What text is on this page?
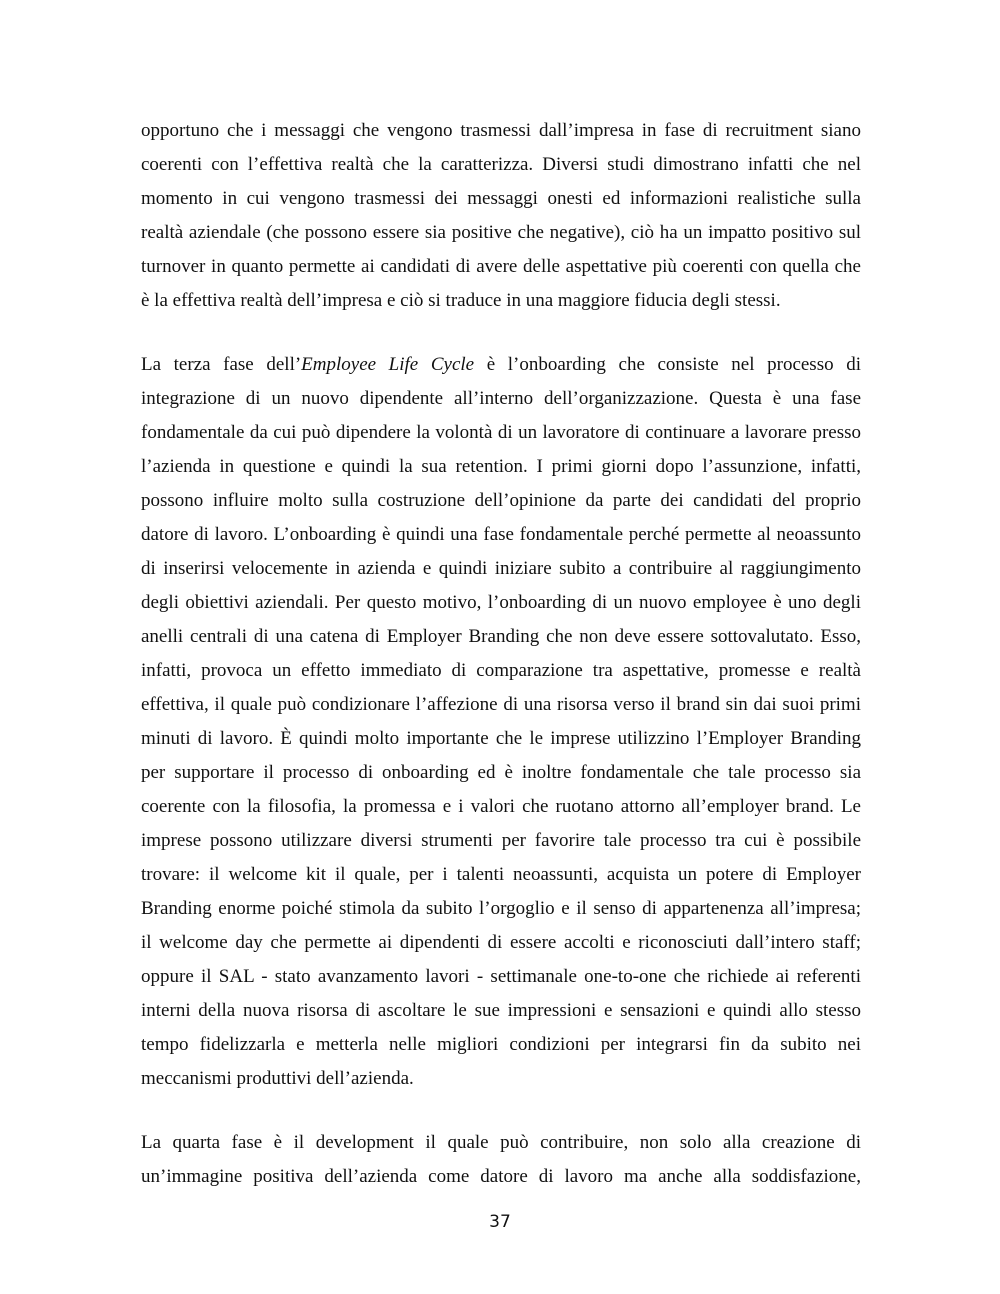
opportuno che i messaggi che vengono trasmessi dall’impresa in fase di recruitment siano
coerenti con l’effettiva realtà che la caratterizza. Diversi studi dimostrano infatti che nel
momento in cui vengono trasmessi dei messaggi onesti ed informazioni realistiche sulla
realtà aziendale (che possono essere sia positive che negative), ciò ha un impatto positivo sul
turnover in quanto permette ai candidati di avere delle aspettative più coerenti con quella che
è la effettiva realtà dell’impresa e ciò si traduce in una maggiore fiducia degli stessi.

La terza fase dell’Employee Life Cycle è l’onboarding che consiste nel processo di
integrazione di un nuovo dipendente all’interno dell’organizzazione. Questa è una fase
fondamentale da cui può dipendere la volontà di un lavoratore di continuare a lavorare presso
l’azienda in questione e quindi la sua retention. I primi giorni dopo l’assunzione, infatti,
possono influire molto sulla costruzione dell’opinione da parte dei candidati del proprio
datore di lavoro. L’onboarding è quindi una fase fondamentale perché permette al neoassunto
di inserirsi velocemente in azienda e quindi iniziare subito a contribuire al raggiungimento
degli obiettivi aziendali. Per questo motivo, l’onboarding di un nuovo employee è uno degli
anelli centrali di una catena di Employer Branding che non deve essere sottovalutato. Esso,
infatti, provoca un effetto immediato di comparazione tra aspettative, promesse e realtà
effettiva, il quale può condizionare l’affezione di una risorsa verso il brand sin dai suoi primi
minuti di lavoro. È quindi molto importante che le imprese utilizzino l’Employer Branding
per supportare il processo di onboarding ed è inoltre fondamentale che tale processo sia
coerente con la filosofia, la promessa e i valori che ruotano attorno all’employer brand. Le
imprese possono utilizzare diversi strumenti per favorire tale processo tra cui è possibile
trovare: il welcome kit il quale, per i talenti neoassunti, acquista un potere di Employer
Branding enorme poiché stimola da subito l’orgoglio e il senso di appartenenza all’impresa;
il welcome day che permette ai dipendenti di essere accolti e riconosciuti dall’intero staff;
oppure il SAL - stato avanzamento lavori - settimanale one-to-one che richiede ai referenti
interni della nuova risorsa di ascoltare le sue impressioni e sensazioni e quindi allo stesso
tempo fidelizzarla e metterla nelle migliori condizioni per integrarsi fin da subito nei
meccanismi produttivi dell’azienda.

La quarta fase è il development il quale può contribuire, non solo alla creazione di
un’immagine positiva dell’azienda come datore di lavoro ma anche alla soddisfazione,

37
